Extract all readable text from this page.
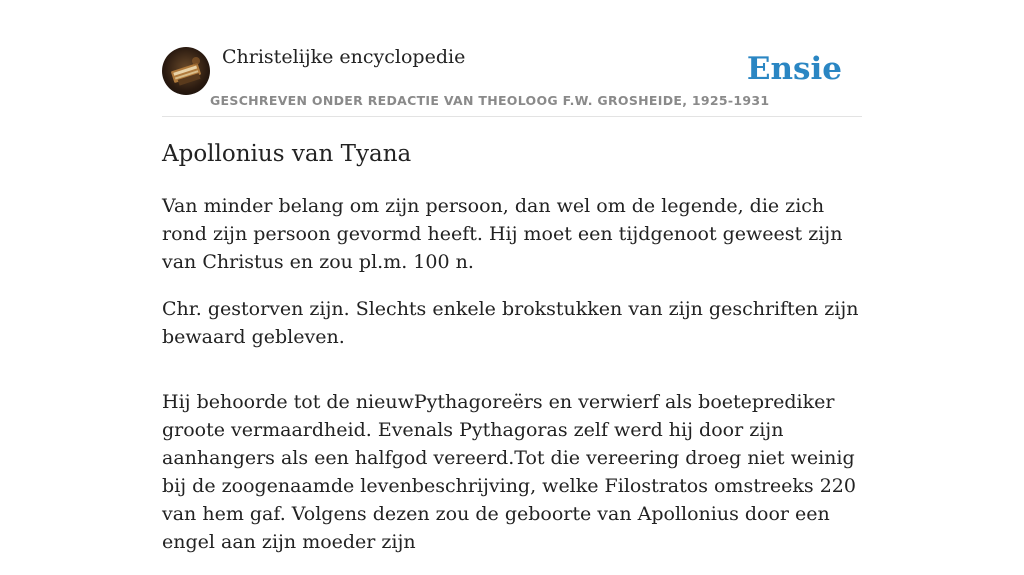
Christelijke encyclopedie
GESCHREVEN ONDER REDACTIE VAN THEOLOOG F.W. GROSHEIDE, 1925-1931
Ensie
Apollonius van Tyana

Van minder belang om zijn persoon, dan wel om de legende, die zich rond zijn persoon gevormd heeft. Hij moet een tijdgenoot geweest zijn van Christus en zou pl.m. 100 n.

Chr. gestorven zijn. Slechts enkele brokstukken van zijn geschriften zijn bewaard gebleven.

Hij behoorde tot de nieuwPythagoreërs en verwierf als boeteprediker groote vermaardheid. Evenals Pythagoras zelf werd hij door zijn aanhangers als een halfgod vereerd.Tot die vereering droeg niet weinig bij de zoogenaamde levenbeschrijving, welke Filostratos omstreeks 220 van hem gaf. Volgens dezen zou de geboorte van Apollonius door een engel aan zijn moeder zijn
